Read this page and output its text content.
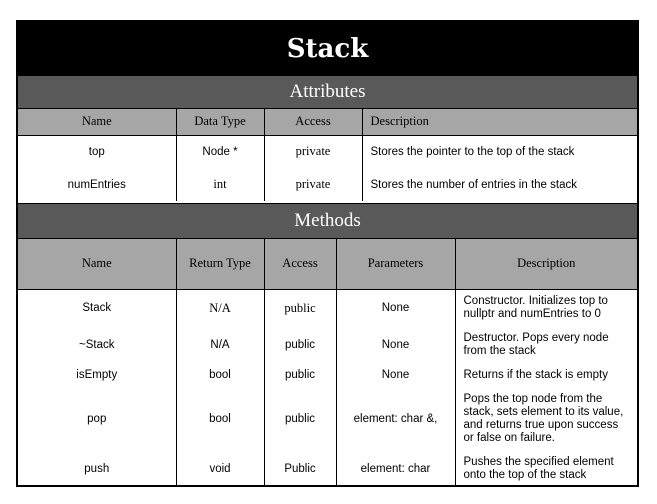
Stack
Attributes
Name	Data Type	Access	Description
top	Node *	private	Stores the pointer to the top of the stack
numEntries	int	private	Stores the number of entries in the stack
Methods
Name	Return Type	Access	Parameters	Description
Stack	N/A	public	None	Constructor. Initializes top to nullptr and numEntries to 0
~Stack	N/A	public	None	Destructor. Pops every node from the stack
isEmpty	bool	public	None	Returns if the stack is empty
pop	bool	public	element: char &,	Pops the top node from the stack, sets element to its value, and returns true upon success or false on failure.
push	void	Public	element: char	Pushes the specified element onto the top of the stack
